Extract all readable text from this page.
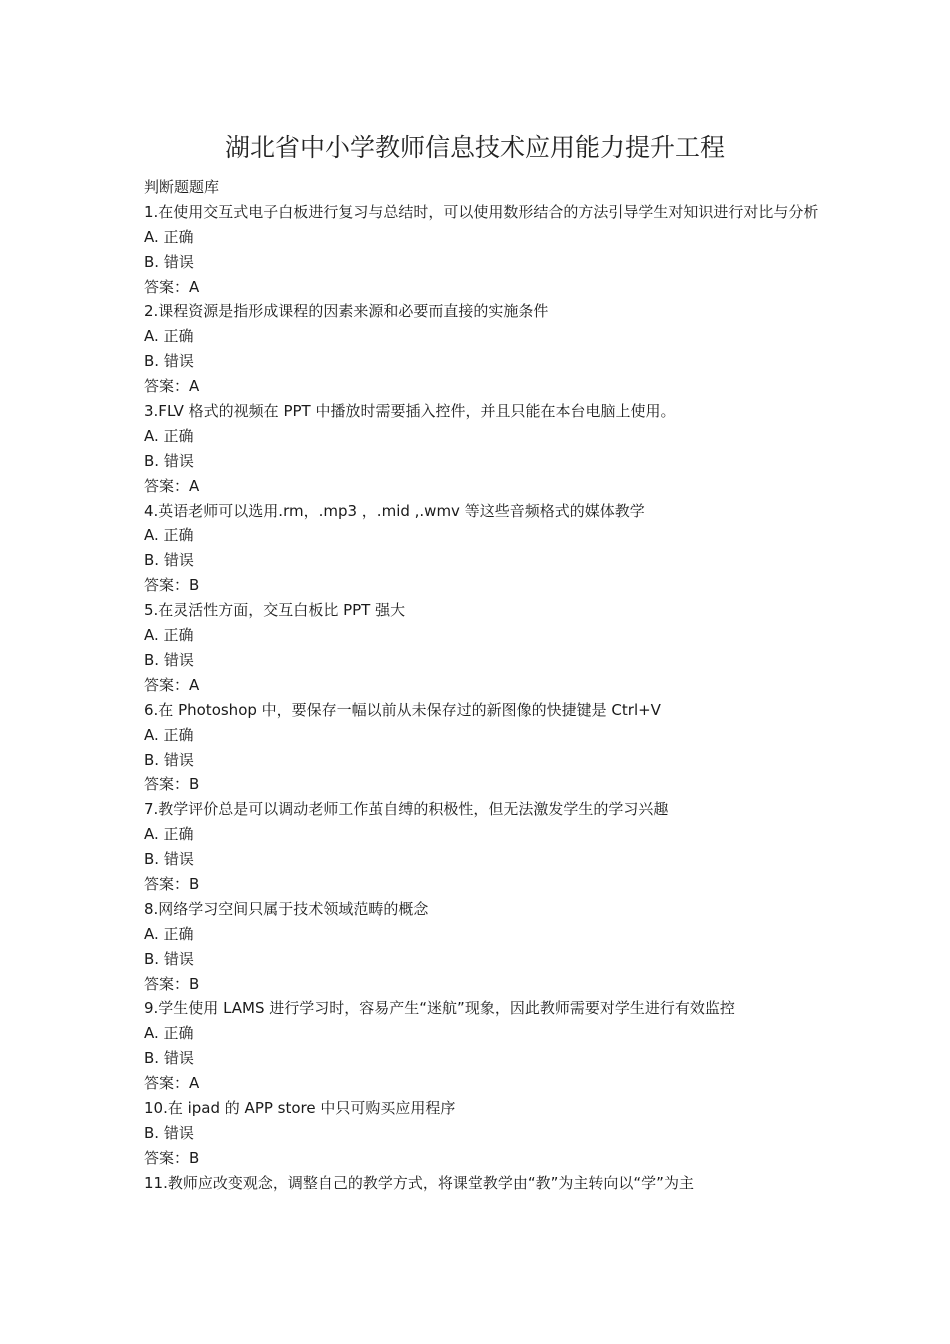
湖北省中小学教师信息技术应用能力提升工程
判断题题库
1.在使用交互式电子白板进行复习与总结时，可以使用数形结合的方法引导学生对知识进行对比与分析
A. 正确
B. 错误
答案：A
2.课程资源是指形成课程的因素来源和必要而直接的实施条件
A. 正确
B. 错误
答案：A
3.FLV 格式的视频在 PPT 中播放时需要插入控件，并且只能在本台电脑上使用。
A. 正确
B. 错误
答案：A
4.英语老师可以选用.rm，.mp3 ，.mid ,.wmv 等这些音频格式的媒体教学
A. 正确
B. 错误
答案：B
5.在灵活性方面，交互白板比 PPT 强大
A. 正确
B. 错误
答案：A
6.在 Photoshop 中，要保存一幅以前从未保存过的新图像的快捷键是 Ctrl+V
A. 正确
B. 错误
答案：B
7.教学评价总是可以调动老师工作茧自缚的积极性，但无法激发学生的学习兴趣
A. 正确
B. 错误
答案：B
8.网络学习空间只属于技术领域范畴的概念
A. 正确
B. 错误
答案：B
9.学生使用 LAMS 进行学习时，容易产生“迷航”现象，因此教师需要对学生进行有效监控
A. 正确
B. 错误
答案：A
10.在 ipad 的 APP store 中只可购买应用程序
B. 错误
答案：B
11.教师应改变观念，调整自己的教学方式，将课堂教学由“教”为主转向以“学”为主
